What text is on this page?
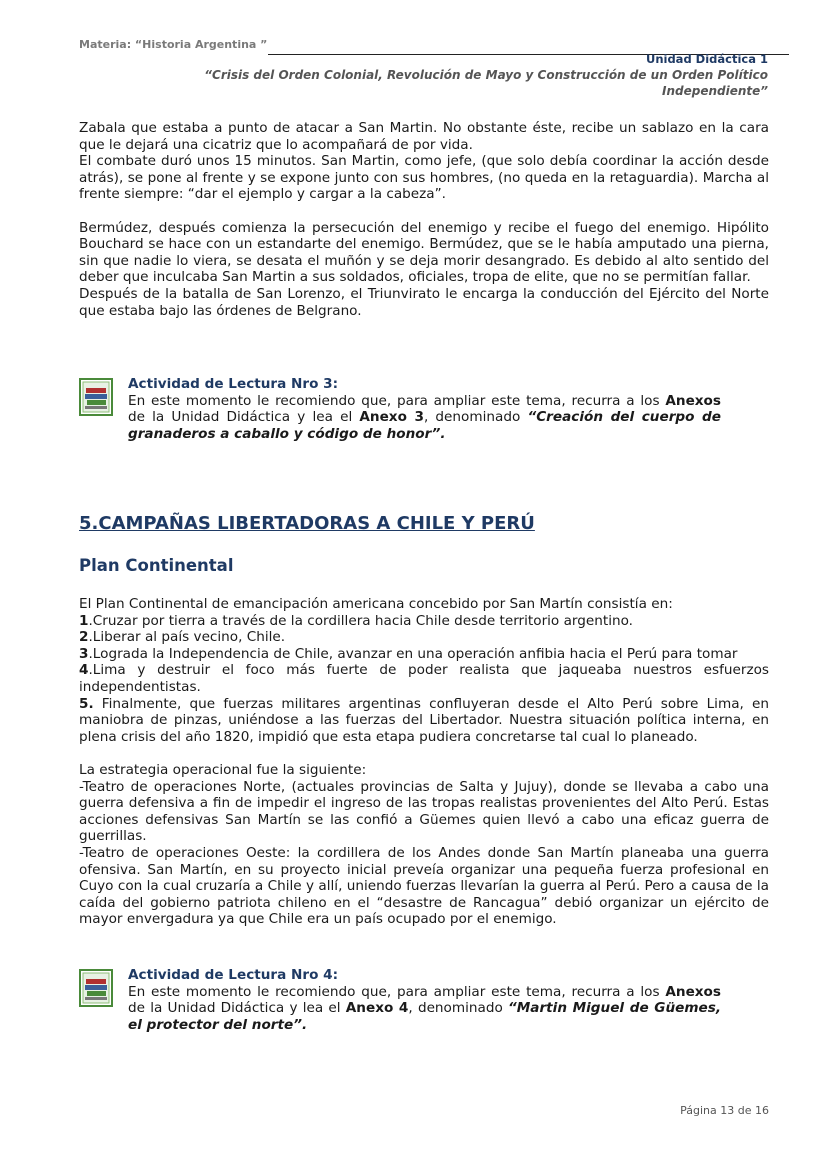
Materia: “Historia Argentina ”
Unidad Didáctica 1
“Crisis del Orden Colonial, Revolución de Mayo y Construcción de un Orden Político Independiente”

Zabala que estaba a punto de atacar a San Martin. No obstante éste, recibe un sablazo en la cara que le dejará una cicatriz que lo acompañará de por vida.

El combate duró unos 15 minutos. San Martin, como jefe, (que solo debía coordinar la acción desde atrás), se pone al frente y se expone junto con sus hombres, (no queda en la retaguardia). Marcha al frente siempre: “dar el ejemplo y cargar a la cabeza”.

Bermúdez, después comienza la persecución del enemigo y recibe el fuego del enemigo. Hipólito Bouchard se hace con un estandarte del enemigo. Bermúdez, que se le había amputado una pierna, sin que nadie lo viera, se desata el muñón y se deja morir desangrado. Es debido al alto sentido del deber que inculcaba San Martin a sus soldados, oficiales, tropa de elite, que no se permitían fallar.

Después de la batalla de San Lorenzo, el Triunvirato le encarga la conducción del Ejército del Norte que estaba bajo las órdenes de Belgrano.

Actividad de Lectura Nro 3:
En este momento le recomiendo que, para ampliar este tema, recurra a los Anexos de la Unidad Didáctica y lea el Anexo 3, denominado “Creación del cuerpo de granaderos a caballo y código de honor”.
5.CAMPAÑAS LIBERTADORAS A CHILE Y PERÚ
Plan Continental

El Plan Continental de emancipación americana concebido por San Martín consistía en:

1.Cruzar por tierra a través de la cordillera hacia Chile desde territorio argentino.

2.Liberar al país vecino, Chile.

3.Lograda la Independencia de Chile, avanzar en una operación anfibia hacia el Perú para tomar

4.Lima y destruir el foco más fuerte de poder realista que jaqueaba nuestros esfuerzos independentistas.

5. Finalmente, que fuerzas militares argentinas confluyeran desde el Alto Perú sobre Lima, en maniobra de pinzas, uniéndose a las fuerzas del Libertador. Nuestra situación política interna, en plena crisis del año 1820, impidió que esta etapa pudiera concretarse tal cual lo planeado.

La estrategia operacional fue la siguiente:

-Teatro de operaciones Norte, (actuales provincias de Salta y Jujuy), donde se llevaba a cabo una guerra defensiva a fin de impedir el ingreso de las tropas realistas provenientes del Alto Perú. Estas acciones defensivas San Martín se las confió a Güemes quien llevó a cabo una eficaz guerra de guerrillas.

-Teatro de operaciones Oeste: la cordillera de los Andes donde San Martín planeaba una guerra ofensiva. San Martín, en su proyecto inicial preveía organizar una pequeña fuerza profesional en Cuyo con la cual cruzaría a Chile y allí, uniendo fuerzas llevarían la guerra al Perú. Pero a causa de la caída del gobierno patriota chileno en el “desastre de Rancagua” debió organizar un ejército de mayor envergadura ya que Chile era un país ocupado por el enemigo.

Actividad de Lectura Nro 4:
En este momento le recomiendo que, para ampliar este tema, recurra a los Anexos de la Unidad Didáctica y lea el Anexo 4, denominado “Martin Miguel de Güemes, el protector del norte”.
Página 13 de 16
